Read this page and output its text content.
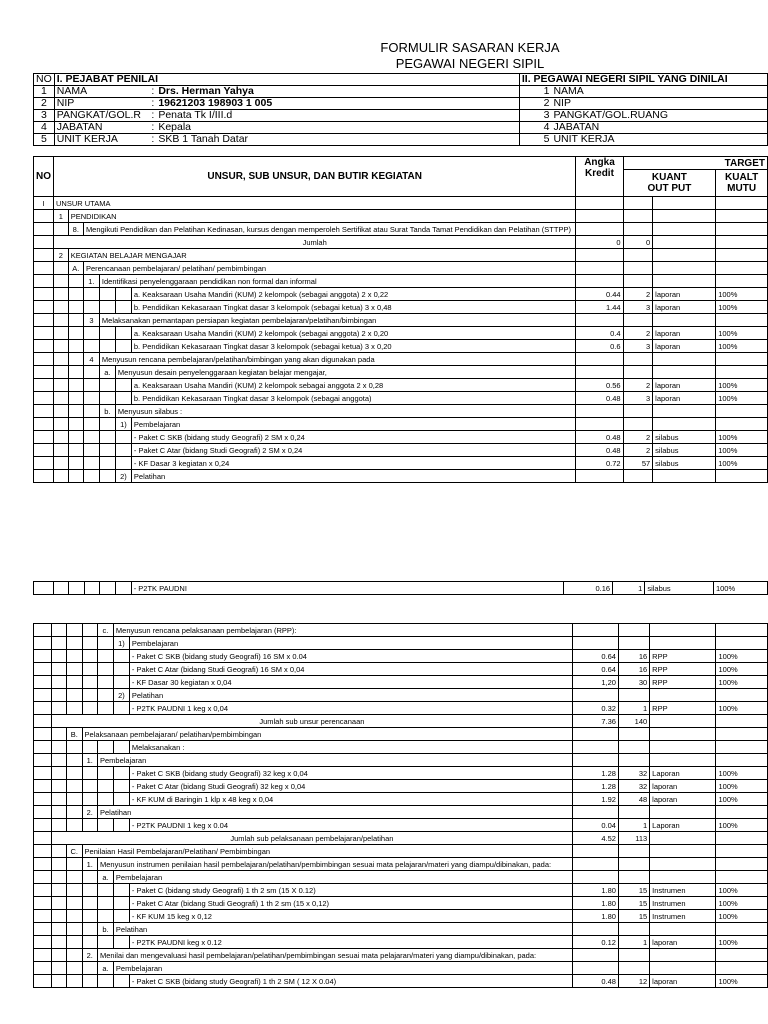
FORMULIR SASARAN KERJA
PEGAWAI NEGERI SIPIL
NO	I. PEJABAT PENILAI			II. PEGAWAI NEGERI SIPIL YANG DINILAI	
1	NAMA	:	Drs. Herman Yahya	1	NAMA
2	NIP	:	19621203 198903 1 005	2	NIP
3	PANGKAT/GOL.R	:	Penata Tk I/III.d	3	PANGKAT/GOL.RUANG
4	JABATAN	:	Kepala	4	JABATAN
5	UNIT KERJA	:	SKB 1 Tanah Datar	5	UNIT KERJA
NO	UNSUR, SUB UNSUR, DAN BUTIR KEGIATAN						Angka
Kredit	TARGET		
								KUANT
OUT PUT		KUALT
MUTU
I	UNSUR UTAMA									
	1	PENDIDIKAN								
		8.	Mengikuti Pendidikan dan Pelatihan Kedinasan, kursus dengan memperoleh Sertifikat atau Surat Tanda Tamat Pendidikan dan Pelatihan (STTPP)							
	Jumlah						0	0		
	2	KEGIATAN BELAJAR MENGAJAR								
		A.	Perencanaan pembelajaran/ pelatihan/ pembimbingan							
			1.	Identifikasi penyelenggaraan pendidikan non formal dan informal						
						a. Keaksaraan Usaha Mandiri (KUM) 2 kelompok (sebagai anggota) 2 x 0,22	0.44	2	laporan	100%
						b. Pendidikan Kekasaraan Tingkat dasar 3 kelompok (sebagai ketua) 3 x 0,48	1.44	3	laporan	100%
			3	Melaksanakan pemantapan persiapan kegiatan pembelajaran/pelatihan/bimbingan						
						a. Keaksaraan Usaha Mandiri (KUM) 2 kelompok (sebagai anggota) 2 x 0,20	0.4	2	laporan	100%
						b. Pendidikan Kekasaraan Tingkat dasar 3 kelompok (sebagai ketua) 3 x 0,20	0.6	3	laporan	100%
			4	Menyusun rencana pembelajaran/pelatihan/bimbingan yang akan digunakan pada						
				a.	Menyusun desain penyelenggaraan kegiatan belajar mengajar,					
						a. Keaksaraan Usaha Mandiri (KUM) 2 kelompok sebagai anggota 2 x 0,28	0.56	2	laporan	100%
						b. Pendidikan Kekasaraan Tingkat dasar 3 kelompok (sebagai anggota)	0.48	3	laporan	100%
				b.	Menyusun silabus :					
					1)	Pembelajaran				
						- Paket C SKB (bidang study Geografi) 2 SM x 0,24	0.48	2	silabus	100%
						- Paket C Atar (bidang Studi Geografi) 2 SM x 0,24	0.48	2	silabus	100%
						- KF Dasar 3 kegiatan x 0,24	0.72	57	silabus	100%
					2)	Pelatihan				
						- P2TK PAUDNI	0.16	1	silabus	100%
				c.	Menyusun rencana pelaksanaan pembelajaran (RPP):					
					1)	Pembelajaran				
						- Paket C SKB (bidang study Geografi) 16 SM x 0.04	0.64	16	RPP	100%
						- Paket C Atar (bidang Studi Geografi) 16 SM x 0,04	0.64	16	RPP	100%
						- KF Dasar 30 kegiatan x 0,04	1,20	30	RPP	100%
					2)	Pelatihan				
						- P2TK PAUDNI 1 keg x 0,04	0.32	1	RPP	100%
	Jumlah sub unsur perencanaan						7.36	140		
		B.	Pelaksanaan pembelajaran/ pelatihan/pembimbingan							
						Melaksanakan :				
			1.	Pembelajaran						
						- Paket C SKB (bidang study Geografi) 32 keg x 0,04	1.28	32	Laporan	100%
						- Paket C Atar (bidang Studi Geografi) 32 keg x 0,04	1.28	32	laporan	100%
						- KF KUM di Baringin 1 klp x 48 keg x 0,04	1.92	48	laporan	100%
			2.	Pelatihan						
						- P2TK PAUDNI 1 keg x 0.04	0.04	1	Laporan	100%
	Jumlah sub pelaksanaan pembelajaran/pelatihan						4.52	113		
		C.	Penilaian Hasil Pembelajaran/Pelatihan/ Pembimbingan							
			1.	Menyusun instrumen penilaian hasil pembelajaran/pelatihan/pembimbingan sesuai mata pelajaran/materi yang diampu/dibinakan, pada:						
				a.	Pembelajaran					
						- Paket C (bidang study Geografi) 1 th 2 sm (15 X 0.12)	1.80	15	Instrumen	100%
						- Paket C Atar (bidang Studi Geografi) 1 th 2 sm (15 x 0,12)	1.80	15	Instrumen	100%
						- KF KUM 15 keg x 0,12	1.80	15	Instrumen	100%
				b.	Pelatihan					
						- P2TK PAUDNI keg x 0.12	0.12	1	laporan	100%
			2.	Menilai dan mengevaluasi hasil pembelajaran/pelatihan/pembimbingan sesuai mata pelajaran/materi yang diampu/dibinakan, pada:						
				a.	Pembelajaran					
						- Paket C SKB (bidang study Geografi) 1 th 2 SM ( 12 X 0.04)	0.48	12	laporan	100%
